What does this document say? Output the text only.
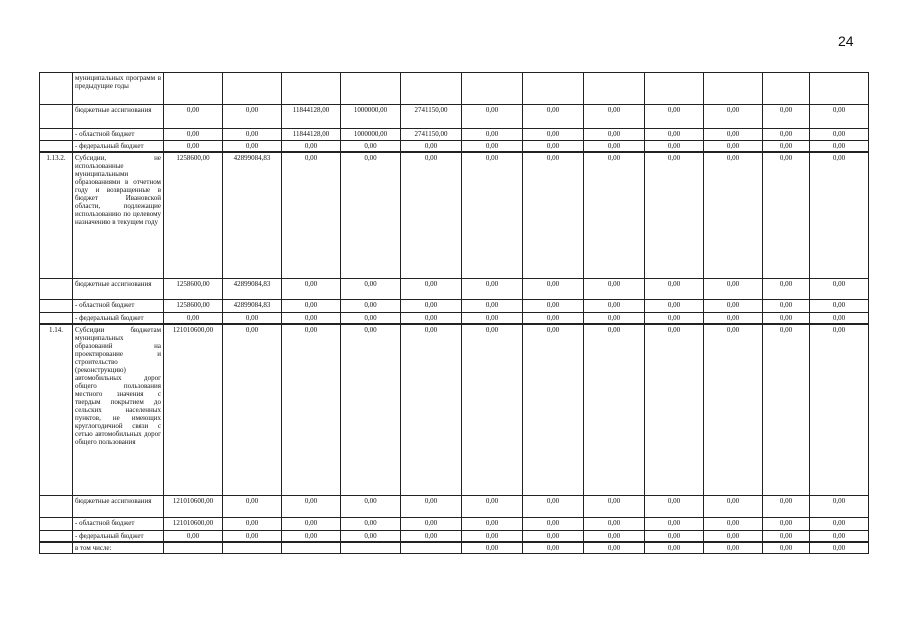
24
	муниципальных программ в предыдущие годы												
	бюджетные ассигнования	0,00	0,00	11844128,00	1000000,00	2741150,00	0,00	0,00	0,00	0,00	0,00	0,00	0,00
	- областной бюджет	0,00	0,00	11844128,00	1000000,00	2741150,00	0,00	0,00	0,00	0,00	0,00	0,00	0,00
	- федеральный бюджет	0,00	0,00	0,00	0,00	0,00	0,00	0,00	0,00	0,00	0,00	0,00	0,00
1.13.2.	Субсидии, не использованные муниципальными образованиями в отчетном году и возвращенные в бюджет Ивановской области, подлежащие использованию по целевому назначению в текущем году	1258600,00	42899084,83	0,00	0,00	0,00	0,00	0,00	0,00	0,00	0,00	0,00	0,00
	бюджетные ассигнования	1258600,00	42899084,83	0,00	0,00	0,00	0,00	0,00	0,00	0,00	0,00	0,00	0,00
	- областной бюджет	1258600,00	42899084,83	0,00	0,00	0,00	0,00	0,00	0,00	0,00	0,00	0,00	0,00
	- федеральный бюджет	0,00	0,00	0,00	0,00	0,00	0,00	0,00	0,00	0,00	0,00	0,00	0,00
1.14.	Субсидии бюджетам муниципальных образований на проектирование и строительство (реконструкцию) автомобильных дорог общего пользования местного значения с твердым покрытием до сельских населенных пунктов, не имеющих круглогодичной связи с сетью автомобильных дорог общего пользования	121010600,00	0,00	0,00	0,00	0,00	0,00	0,00	0,00	0,00	0,00	0,00	0,00
	бюджетные ассигнования	121010600,00	0,00	0,00	0,00	0,00	0,00	0,00	0,00	0,00	0,00	0,00	0,00
	- областной бюджет	121010600,00	0,00	0,00	0,00	0,00	0,00	0,00	0,00	0,00	0,00	0,00	0,00
	- федеральный бюджет	0,00	0,00	0,00	0,00	0,00	0,00	0,00	0,00	0,00	0,00	0,00	0,00
	в том числе:						0,00	0,00	0,00	0,00	0,00	0,00	0,00
